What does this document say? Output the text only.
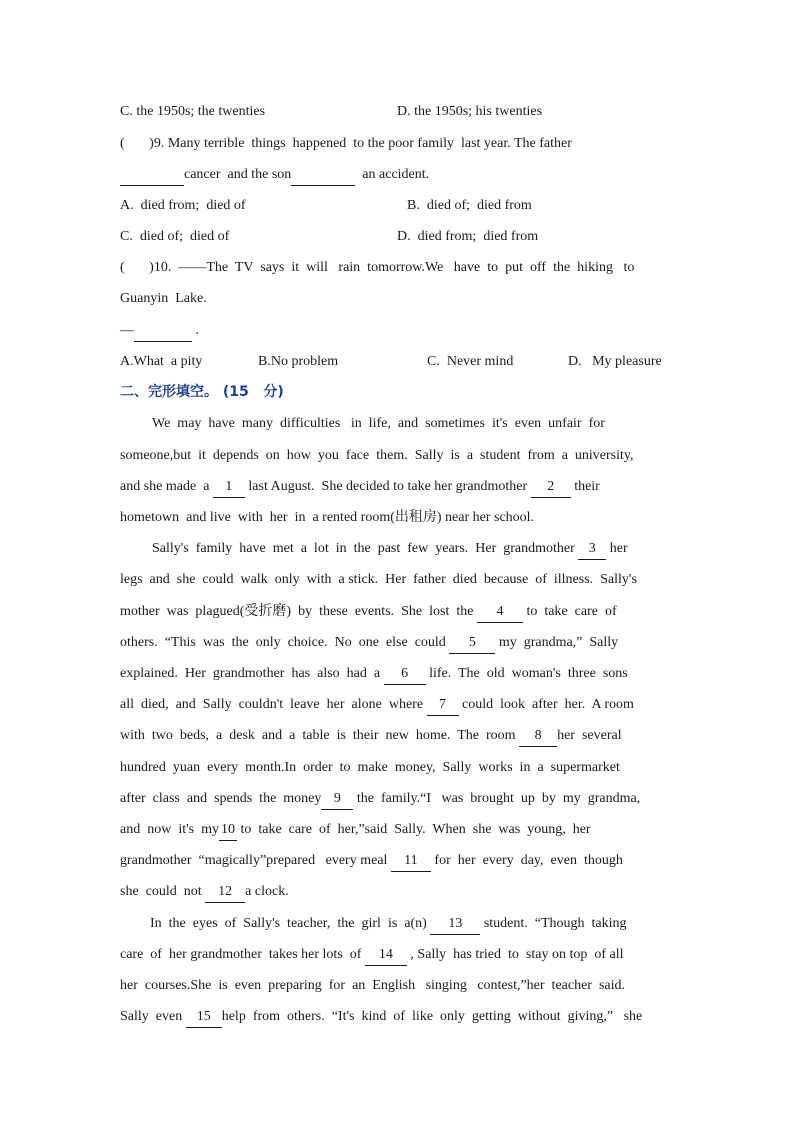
C. the 1950s; the twenties	D. the 1950s; his twenties
(       )9. Many terrible  things  happened  to the poor family  last year. The father
cancer  and the son	an accident.
A.  died from;  died of	B.  died of;  died from
C.  died of;  died of	D.  died from;  died from
(       )10.  ——The  TV  says  it  will   rain  tomorrow.We   have  to  put  off  the  hiking   to
Guanyin  Lake.
—	.
A.What  a pity	B.No problem	C.  Never mind	D.   My pleasure
二、完形填空。 (15   分)
We  may  have  many  difficulties   in  life,  and  sometimes  it's  even  unfair  for
someone,but  it  depends  on  how  you  face  them.  Sally  is  a  student  from  a  university,
and she made  a 1 last August.  She decided to take her grandmother 2 their
hometown  and live  with  her  in  a rented room(出租房) near her school.
Sally's  family  have  met  a  lot  in  the  past  few  years.  Her  grandmother 3 her
legs  and  she  could  walk  only  with  a stick.  Her  father  died  because  of  illness.  Sally's
mother  was  plagued(受折磨)  by  these  events.  She  lost  the 4 to  take  care  of
others.  “This  was  the  only  choice.  No  one  else  could 5 my  grandma,”  Sally
explained.  Her  grandmother  has  also  had  a 6 life.  The  old  woman's  three  sons
all  died,  and  Sally  couldn't  leave  her  alone  where 7 could  look  after  her.  A room
with  two  beds,  a  desk  and  a  table  is  their  new  home.  The  room 8 her  several
hundred  yuan  every  month.In  order  to  make  money,  Sally  works  in  a  supermarket
after  class  and  spends  the  money 9 the  family.“I   was  brought  up  by  my  grandma,
and  now  it's  my 10 to  take  care  of  her,”said  Sally.  When  she  was  young,  her
grandmother  “magically”prepared   every meal 11 for  her  every  day,  even  though
she  could  not 12 a clock.
In  the  eyes  of  Sally's  teacher,  the  girl  is  a(n) 13 student.  “Though  taking
care  of  her grandmother  takes her lots  of 14 , Sally  has tried  to  stay on top  of all
her  courses.She  is  even  preparing  for  an  English   singing   contest,”her  teacher  said.
Sally  even 15 help  from  others.  “It's  kind  of  like  only  getting  without  giving,”   she
